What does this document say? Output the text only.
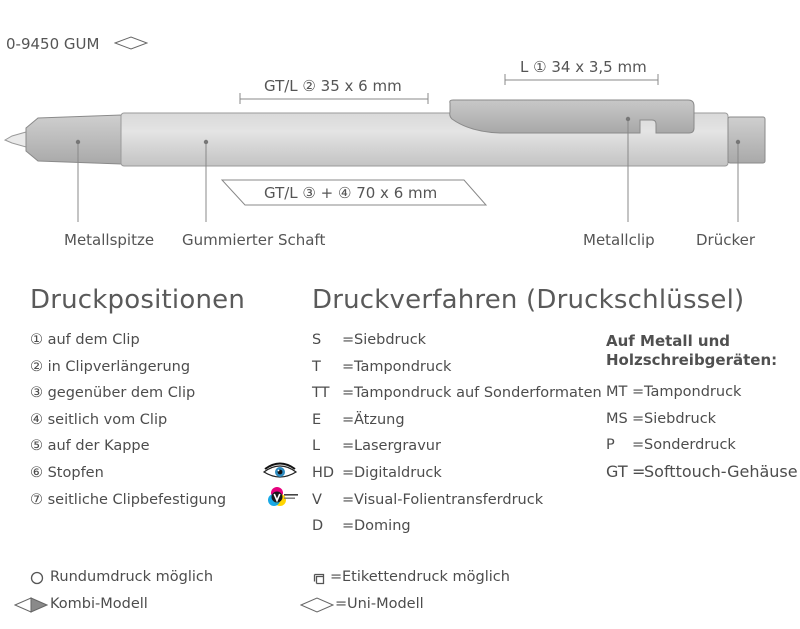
0-9450 GUM
GT/L ② 35 x 6 mm
L ① 34 x 3,5 mm
GT/L ③ + ④ 70 x 6 mm
Metallspitze Gummierter Schaft	Metallclip	Drücker
Druckpositionen	Druckverfahren (Druckschlüssel)
① auf dem Clip
② in Clipverlängerung
③ gegenüber dem Clip
④ seitlich vom Clip
⑤ auf der Kappe
⑥ Stopfen
⑦ seitliche Clipbefestigung
S =Siebdruck
T =Tampondruck
TT =Tampondruck auf Sonderformaten
E =Ätzung
L =Lasergravur
HD =Digitaldruck
V =Visual-Folientransferdruck
D =Doming
Auf Metall und
Holzschreibgeräten:
MT =Tampondruck
MS =Siebdruck
P =Sonderdruck
GT =Softtouch-Gehäuse
Rundumdruck möglich
Kombi-Modell
= Etikettendruck möglich
= Uni-Modell
